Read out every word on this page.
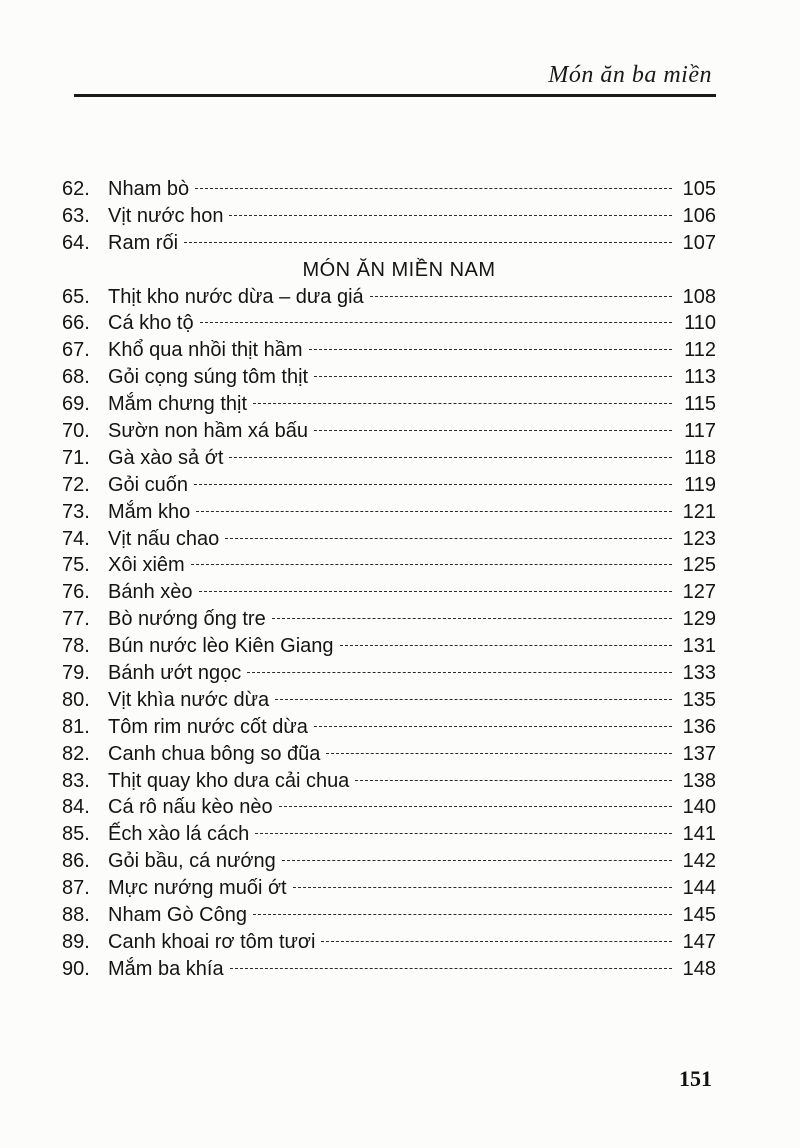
Món ăn ba miền
62. Nham bò	105
63. Vịt nước hon	106
64. Ram rối	107
MÓN ĂN MIỀN NAM
65. Thịt kho nước dừa – dưa giá	108
66. Cá kho tộ	110
67. Khổ qua nhồi thịt hầm	112
68. Gỏi cọng súng tôm thịt	113
69. Mắm chưng thịt	115
70. Sườn non hầm xá bấu	117
71. Gà xào sả ớt	118
72. Gỏi cuốn	119
73. Mắm kho	121
74. Vịt nấu chao	123
75. Xôi xiêm	125
76. Bánh xèo	127
77. Bò nướng ống tre	129
78. Bún nước lèo Kiên Giang	131
79. Bánh ướt ngọc	133
80. Vịt khìa nước dừa	135
81. Tôm rim nước cốt dừa	136
82. Canh chua bông so đũa	137
83. Thịt quay kho dưa cải chua	138
84. Cá rô nấu kèo nèo	140
85. Ếch xào lá cách	141
86. Gỏi bầu, cá nướng	142
87. Mực nướng muối ớt	144
88. Nham Gò Công	145
89. Canh khoai rơ tôm tươi	147
90. Mắm ba khía	148
151
